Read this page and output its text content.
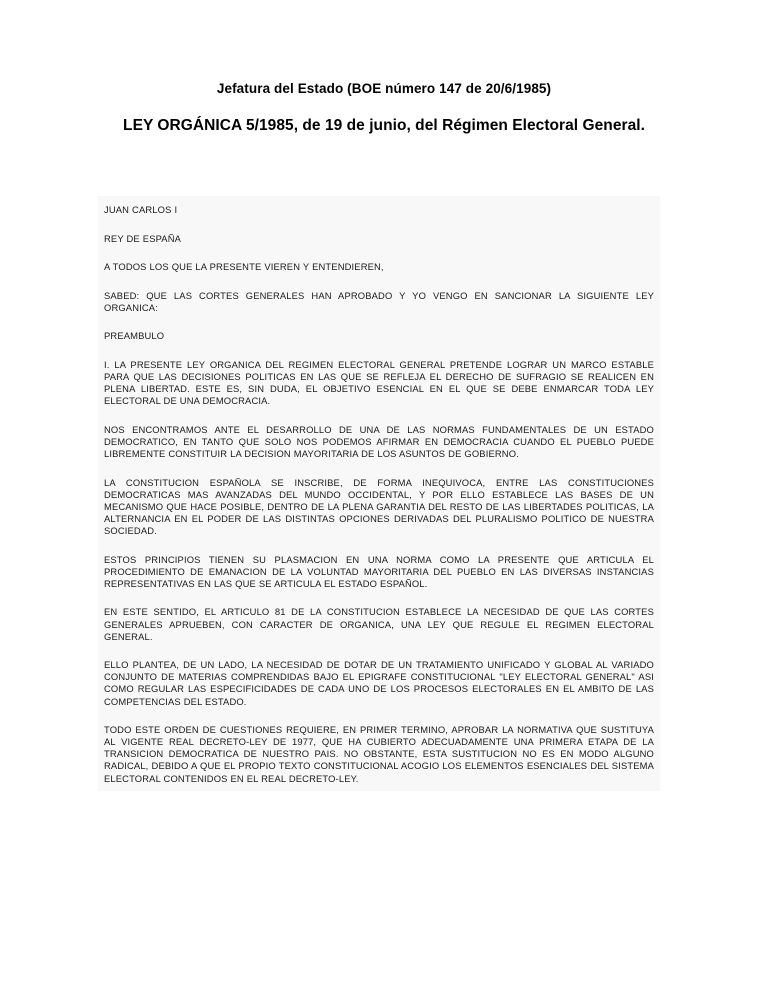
Jefatura del Estado (BOE número 147 de 20/6/1985)
LEY ORGÁNICA 5/1985, de 19 de junio, del Régimen Electoral General.

JUAN CARLOS I

REY DE ESPAÑA

A TODOS LOS QUE LA PRESENTE VIEREN Y ENTENDIEREN,

SABED: QUE LAS CORTES GENERALES HAN APROBADO Y YO VENGO EN SANCIONAR LA SIGUIENTE LEY ORGANICA:

PREAMBULO

I. LA PRESENTE LEY ORGANICA DEL REGIMEN ELECTORAL GENERAL PRETENDE LOGRAR UN MARCO ESTABLE PARA QUE LAS DECISIONES POLITICAS EN LAS QUE SE REFLEJA EL DERECHO DE SUFRAGIO SE REALICEN EN PLENA LIBERTAD. ESTE ES, SIN DUDA, EL OBJETIVO ESENCIAL EN EL QUE SE DEBE ENMARCAR TODA LEY ELECTORAL DE UNA DEMOCRACIA.

NOS ENCONTRAMOS ANTE EL DESARROLLO DE UNA DE LAS NORMAS FUNDAMENTALES DE UN ESTADO DEMOCRATICO, EN TANTO QUE SOLO NOS PODEMOS AFIRMAR EN DEMOCRACIA CUANDO EL PUEBLO PUEDE LIBREMENTE CONSTITUIR LA DECISION MAYORITARIA DE LOS ASUNTOS DE GOBIERNO.

LA CONSTITUCION ESPAÑOLA SE INSCRIBE, DE FORMA INEQUIVOCA, ENTRE LAS CONSTITUCIONES DEMOCRATICAS MAS AVANZADAS DEL MUNDO OCCIDENTAL, Y POR ELLO ESTABLECE LAS BASES DE UN MECANISMO QUE HACE POSIBLE, DENTRO DE LA PLENA GARANTIA DEL RESTO DE LAS LIBERTADES POLITICAS, LA ALTERNANCIA EN EL PODER DE LAS DISTINTAS OPCIONES DERIVADAS DEL PLURALISMO POLITICO DE NUESTRA SOCIEDAD.

ESTOS PRINCIPIOS TIENEN SU PLASMACION EN UNA NORMA COMO LA PRESENTE QUE ARTICULA EL PROCEDIMIENTO DE EMANACION DE LA VOLUNTAD MAYORITARIA DEL PUEBLO EN LAS DIVERSAS INSTANCIAS REPRESENTATIVAS EN LAS QUE SE ARTICULA EL ESTADO ESPAÑOL.

EN ESTE SENTIDO, EL ARTICULO 81 DE LA CONSTITUCION ESTABLECE LA NECESIDAD DE QUE LAS CORTES GENERALES APRUEBEN, CON CARACTER DE ORGANICA, UNA LEY QUE REGULE EL REGIMEN ELECTORAL GENERAL.

ELLO PLANTEA, DE UN LADO, LA NECESIDAD DE DOTAR DE UN TRATAMIENTO UNIFICADO Y GLOBAL AL VARIADO CONJUNTO DE MATERIAS COMPRENDIDAS BAJO EL EPIGRAFE CONSTITUCIONAL "LEY ELECTORAL GENERAL" ASI COMO REGULAR LAS ESPECIFICIDADES DE CADA UNO DE LOS PROCESOS ELECTORALES EN EL AMBITO DE LAS COMPETENCIAS DEL ESTADO.

TODO ESTE ORDEN DE CUESTIONES REQUIERE, EN PRIMER TERMINO, APROBAR LA NORMATIVA QUE SUSTITUYA AL VIGENTE REAL DECRETO-LEY DE 1977, QUE HA CUBIERTO ADECUADAMENTE UNA PRIMERA ETAPA DE LA TRANSICION DEMOCRATICA DE NUESTRO PAIS. NO OBSTANTE, ESTA SUSTITUCION NO ES EN MODO ALGUNO RADICAL, DEBIDO A QUE EL PROPIO TEXTO CONSTITUCIONAL ACOGIO LOS ELEMENTOS ESENCIALES DEL SISTEMA ELECTORAL CONTENIDOS EN EL REAL DECRETO-LEY.
